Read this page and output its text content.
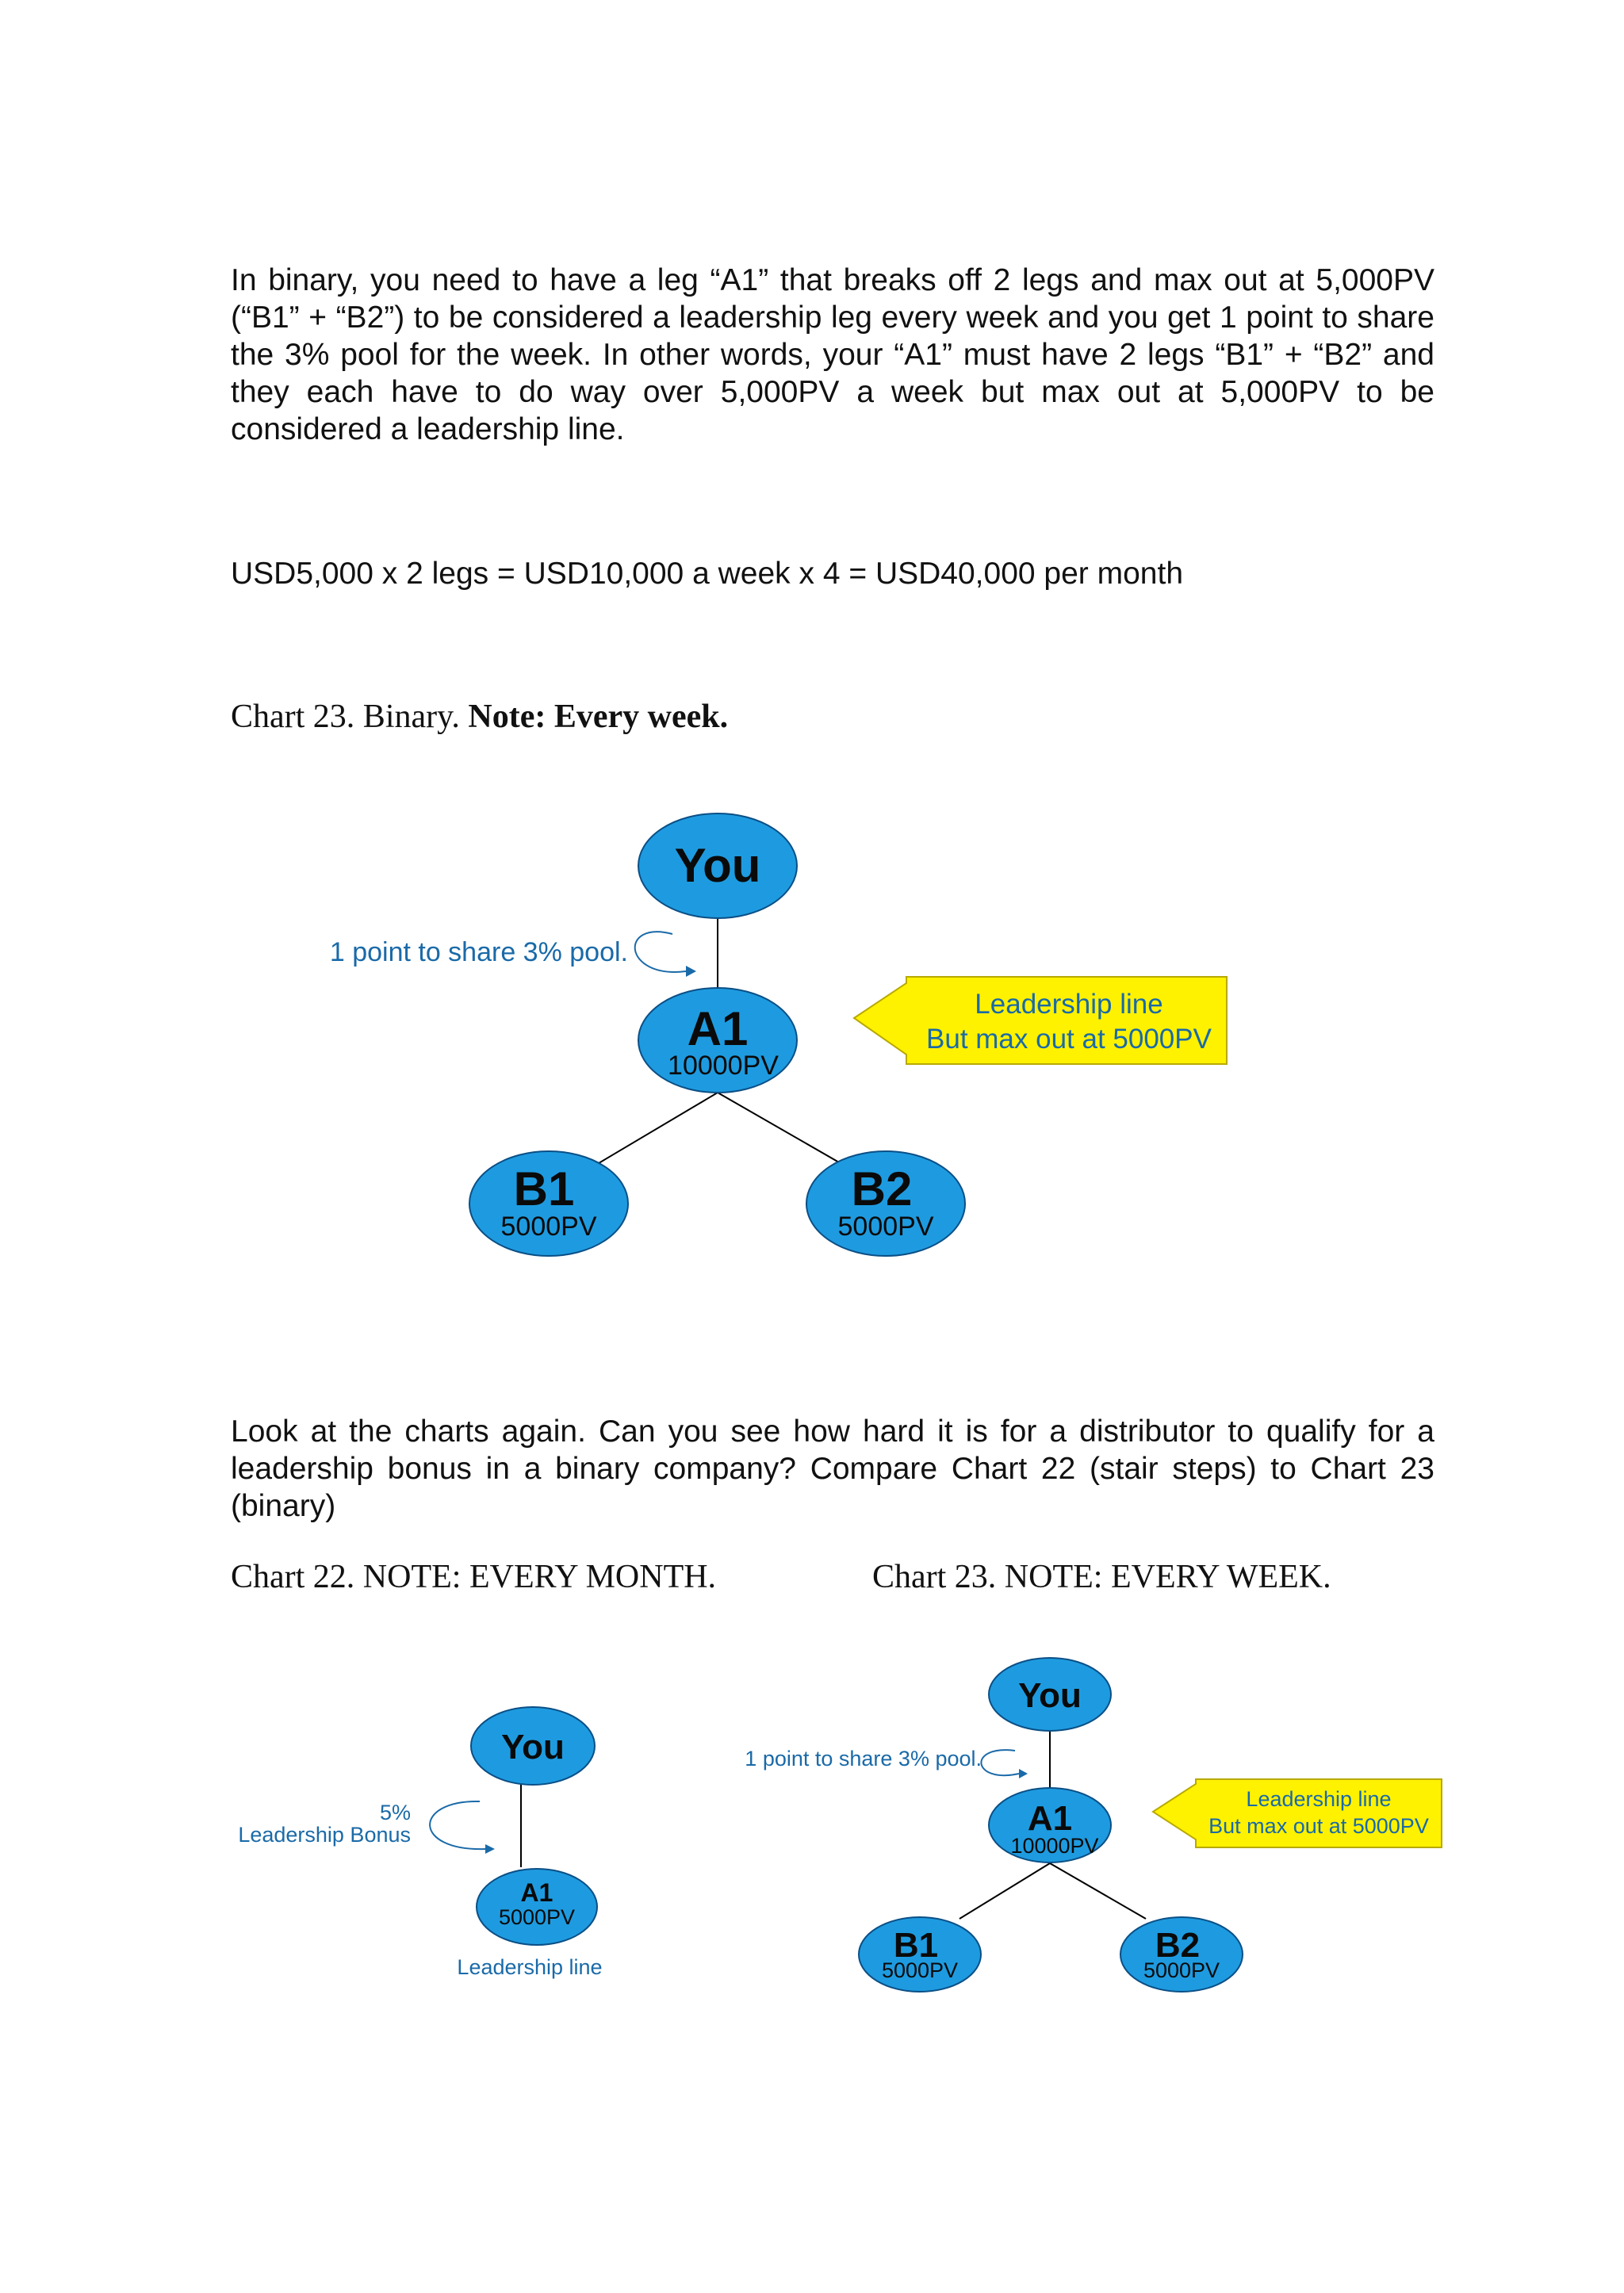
In binary, you need to have a leg “A1” that breaks off 2 legs and max out at 5,000PV (“B1” + “B2”) to be considered a leadership leg every week and you get 1 point to share the 3% pool for the week. In other words, your “A1” must have 2 legs “B1” + “B2” and they each have to do way over 5,000PV a week but max out at 5,000PV to be considered a leadership line.

USD5,000 x 2 legs = USD10,000 a week x 4 = USD40,000 per month

Chart 23. Binary. Note: Every week.

You
A1
10000PV
B1
5000PV
B2
5000PV
1 point to share 3% pool.
Leadership line
But max out at 5000PV

Look at the charts again. Can you see how hard it is for a distributor to qualify for a leadership bonus in a binary company? Compare Chart 22 (stair steps) to Chart 23 (binary)

Chart 22. NOTE: EVERY MONTH.	Chart 23. NOTE: EVERY WEEK.

You
A1
5000PV
5%
Leadership Bonus
Leadership line
You
A1
10000PV
B1
5000PV
B2
5000PV
1 point to share 3% pool.
Leadership line
But max out at 5000PV
